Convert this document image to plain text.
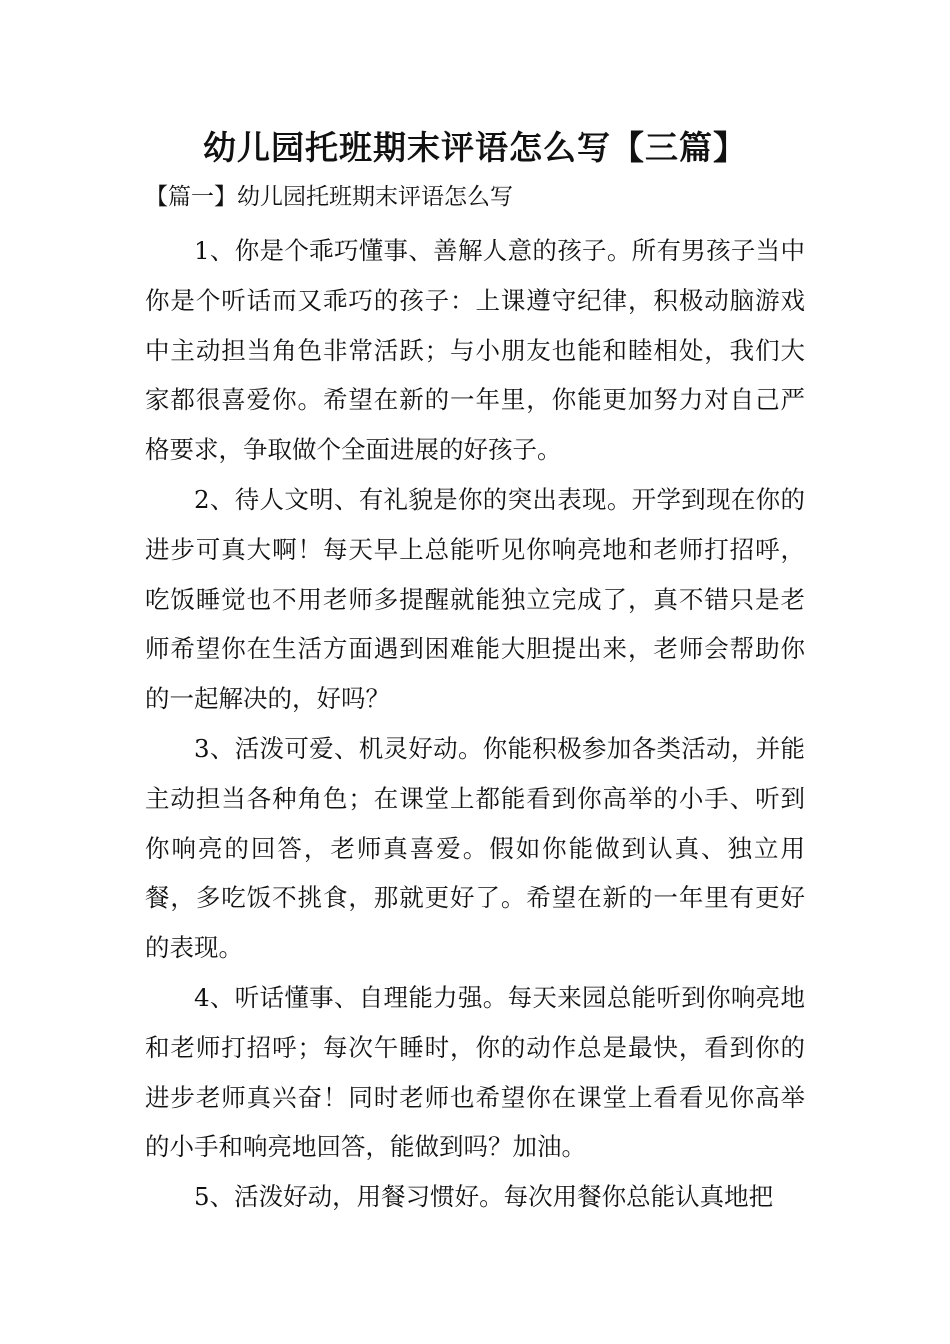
幼儿园托班期末评语怎么写【三篇】
【篇一】幼儿园托班期末评语怎么写

1、你是个乖巧懂事、善解人意的孩子。所有男孩子当中你是个听话而又乖巧的孩子：上课遵守纪律，积极动脑游戏中主动担当角色非常活跃；与小朋友也能和睦相处，我们大家都很喜爱你。希望在新的一年里，你能更加努力对自己严格要求，争取做个全面进展的好孩子。

2、待人文明、有礼貌是你的突出表现。开学到现在你的进步可真大啊！每天早上总能听见你响亮地和老师打招呼，吃饭睡觉也不用老师多提醒就能独立完成了，真不错只是老师希望你在生活方面遇到困难能大胆提出来，老师会帮助你的一起解决的，好吗？

3、活泼可爱、机灵好动。你能积极参加各类活动，并能主动担当各种角色；在课堂上都能看到你高举的小手、听到你响亮的回答，老师真喜爱。假如你能做到认真、独立用餐，多吃饭不挑食，那就更好了。希望在新的一年里有更好的表现。

4、听话懂事、自理能力强。每天来园总能听到你响亮地和老师打招呼；每次午睡时，你的动作总是最快，看到你的进步老师真兴奋！同时老师也希望你在课堂上看看见你高举的小手和响亮地回答，能做到吗？加油。

5、活泼好动，用餐习惯好。每次用餐你总能认真地把
